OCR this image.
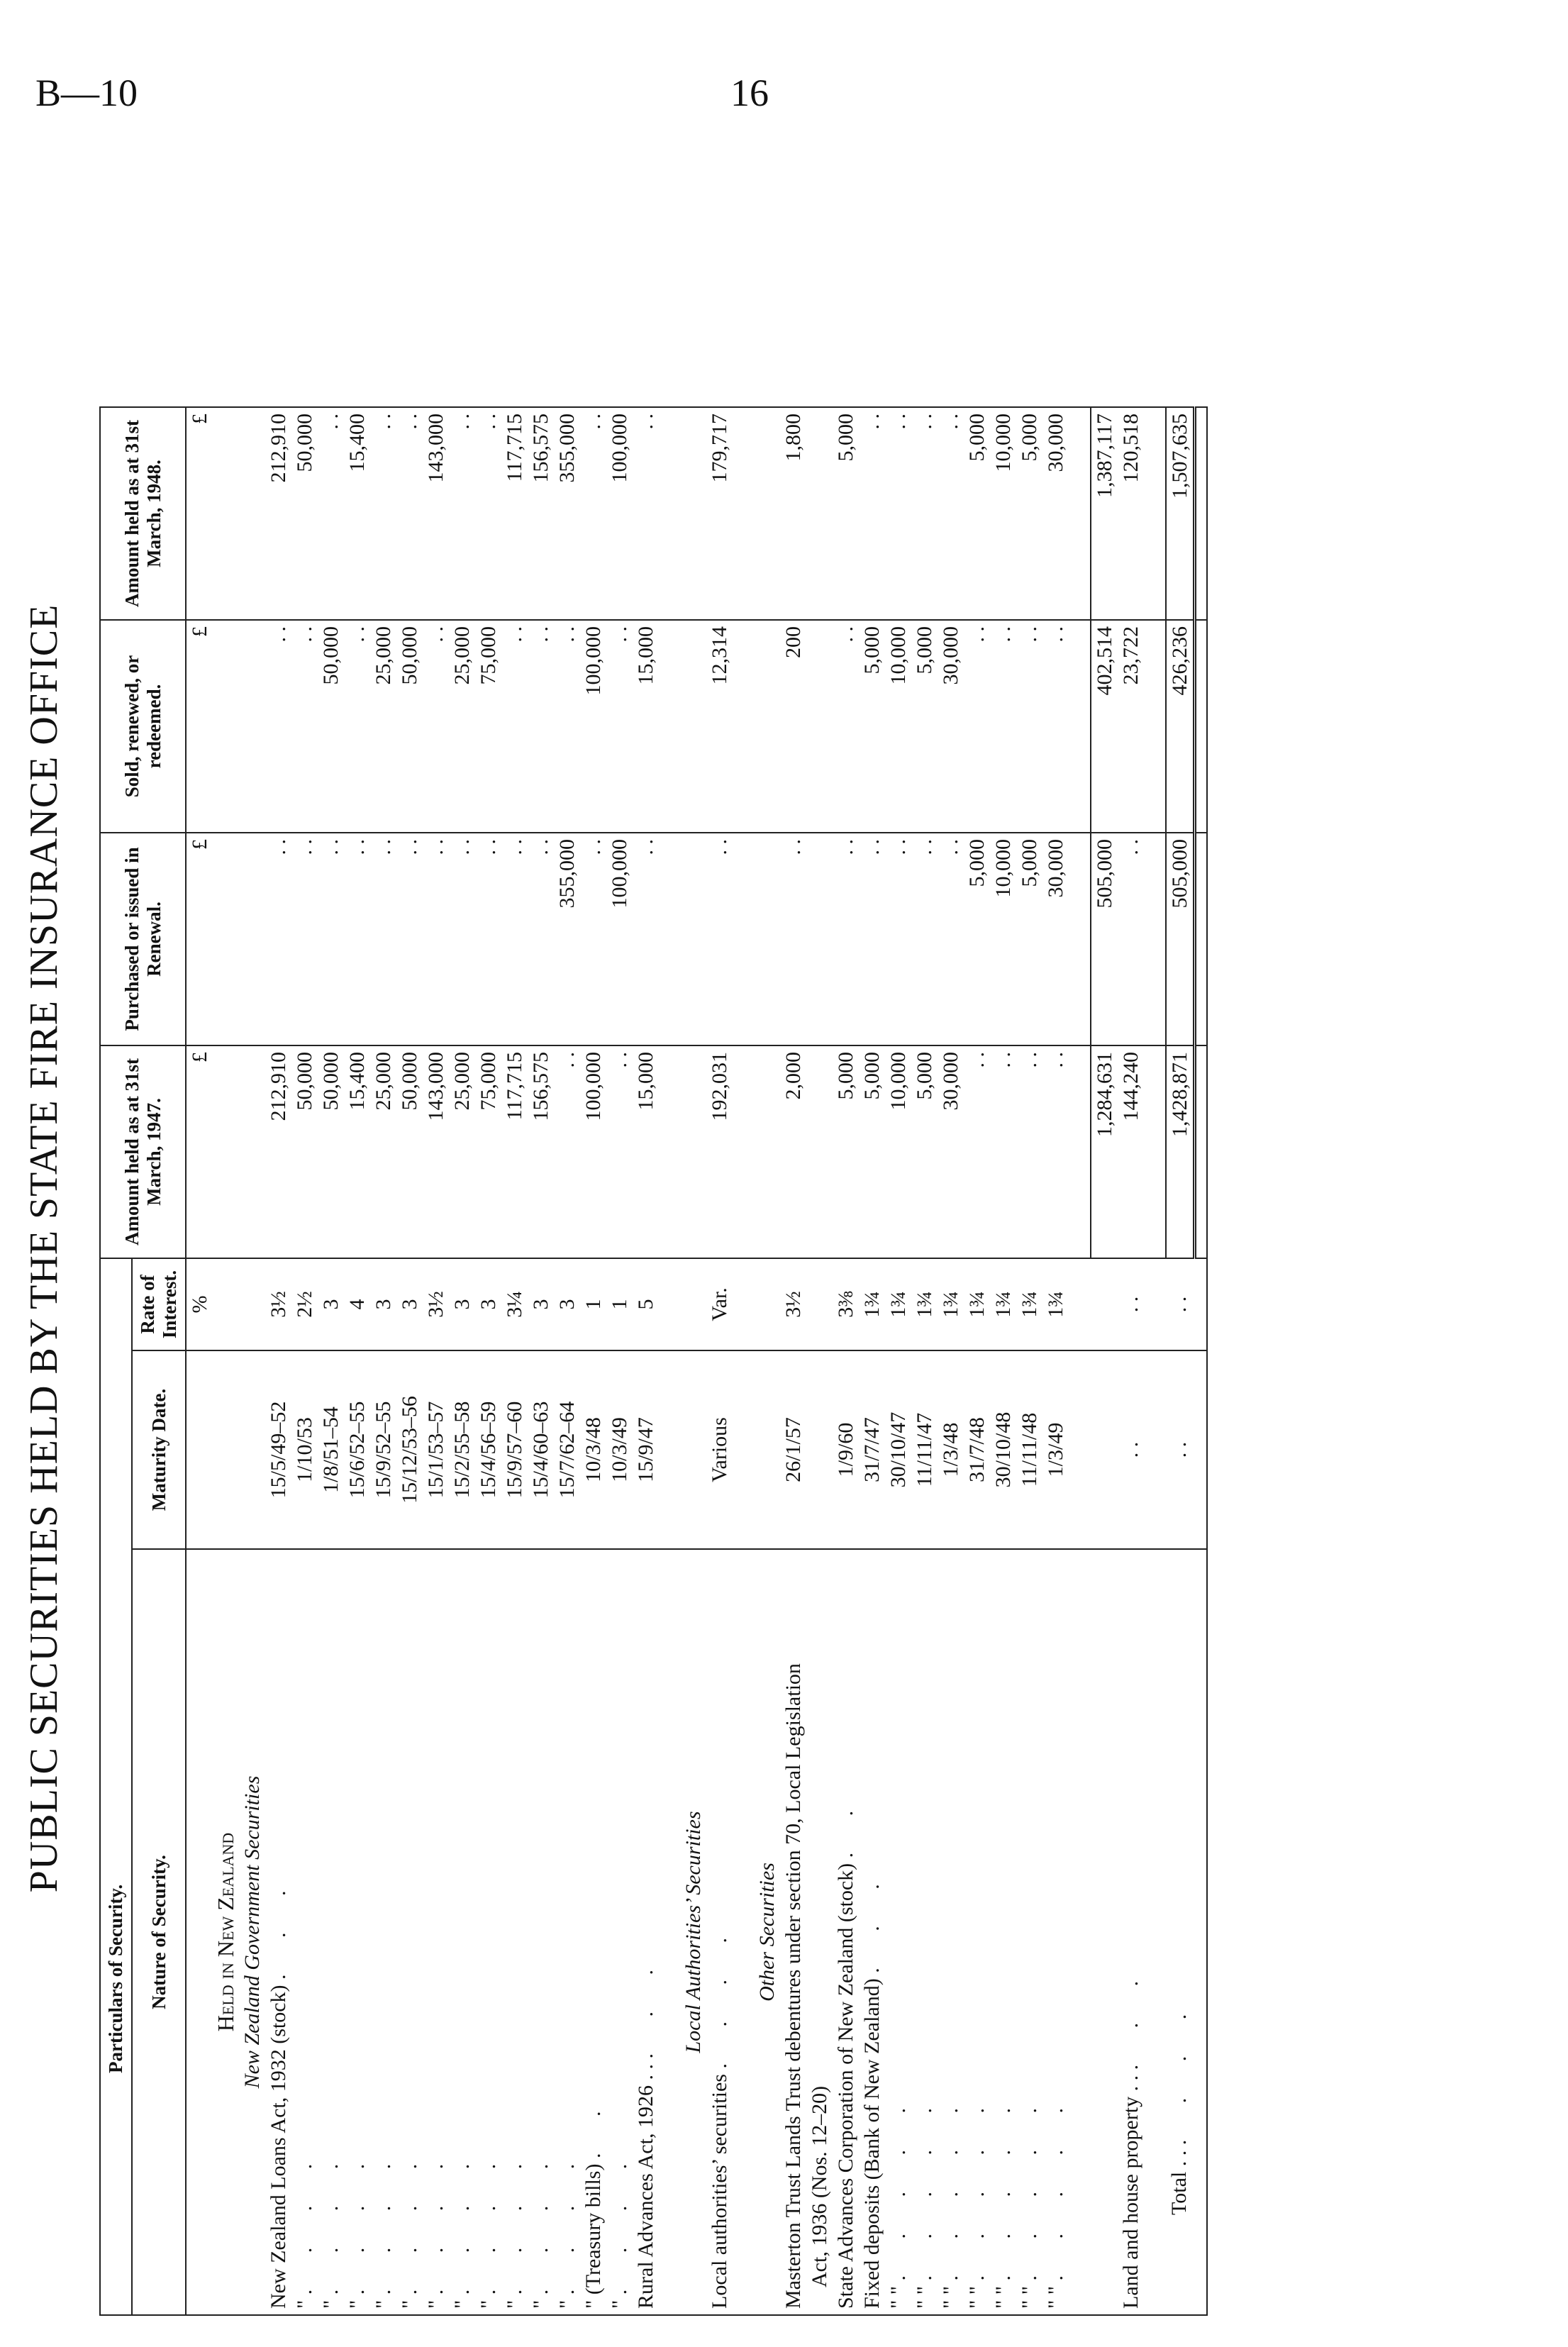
B—10	16
PUBLIC SECURITIES HELD BY THE STATE FIRE INSURANCE OFFICE
Particulars of Security.			Amount held as at 31st March, 1947.	Purchased or issued in Renewal.	Sold, renewed, or redeemed.	Amount held as at 31st March, 1948.	
Nature of Security.	Maturity Date.	Rate of Interest.					
		%	£	£	£	£	
Held in New Zealand							
New Zealand Government Securities							
New Zealand Loans Act, 1932 (stock) . . .	15/5/49–52	3½	212,910	. .	. .	212,910	
" . . . .	1/10/53	2½	50,000	. .	. .	50,000	
" . . . .	1/8/51–54	3	50,000	. .	50,000	. .	
" . . . .	15/6/52–55	4	15,400	. .	. .	15,400	
" . . . .	15/9/52–55	3	25,000	. .	25,000	. .	
" . . . .	15/12/53–56	3	50,000	. .	50,000	. .	
" . . . .	15/1/53–57	3½	143,000	. .	. .	143,000	
" . . . .	15/2/55–58	3	25,000	. .	25,000	. .	
" . . . .	15/4/56–59	3	75,000	. .	75,000	. .	
" . . . .	15/9/57–60	3¼	117,715	. .	. .	117,715	
" . . . .	15/4/60–63	3	156,575	. .	. .	156,575	
" . . . .	15/7/62–64	3	. .	355,000	. .	355,000	
" (Treasury bills) . .	10/3/48	1	100,000	. .	100,000	. .	
" . . . .	10/3/49	1	. .	100,000	. .	100,000	
Rural Advances Act, 1926 . . . . .	15/9/47	5	15,000	. .	15,000	. .	

Local Authorities’ Securities							
Local authorities’ securities . . . .	Various	Var.	192,031	. .	12,314	179,717	

Other Securities							

Masterton Trust Lands Trust debentures under section 70, Local Legislation Act, 1936 (Nos. 12–20)	26/1/57	3½	2,000	. .	200	1,800	
State Advances Corporation of New Zealand (stock) . .	1/9/60	3⅜	5,000	. .	. .	5,000	
Fixed deposits (Bank of New Zealand) . . .	31/7/47	1¾	5,000	. .	5,000	. .	
" " . . . . .	30/10/47	1¾	10,000	. .	10,000	. .	
" " . . . . .	11/11/47	1¾	5,000	. .	5,000	. .	
" " . . . . .	1/3/48	1¾	30,000	. .	30,000	. .	
" " . . . . .	31/7/48	1¾	. .	5,000	. .	5,000	
" " . . . . .	30/10/48	1¾	. .	10,000	. .	10,000	
" " . . . . .	11/11/48	1¾	. .	5,000	. .	5,000	
" " . . . . .	1/3/49	1¾	. .	30,000	. .	30,000	

			1,284,631	505,000	402,514	1,387,117	
Land and house property . . . . .	. .	. .	144,240	. .	23,722	120,518	

Total . . . . . .	. .	. .	1,428,871	505,000	426,236	1,507,635	
